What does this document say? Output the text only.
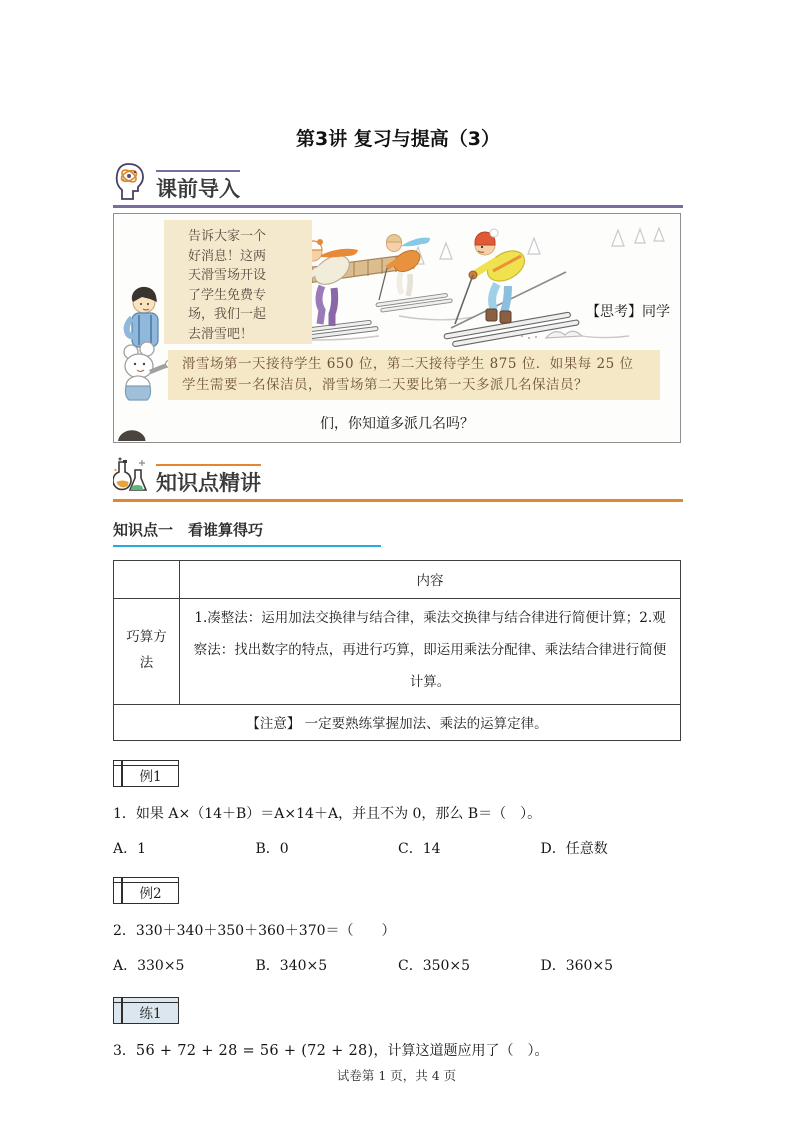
第3讲 复习与提高（3）
课前导入
告诉大家一个好消息！这两天滑雪场开设了学生免费专场，我们一起去滑雪吧！
滑雪场第一天接待学生 650 位，第二天接待学生 875 位．如果每 25 位
学生需要一名保洁员，滑雪场第二天要比第一天多派几名保洁员？
【思考】同学
们，你知道多派几名吗？
知识点精讲
知识点一　看谁算得巧
	内容
巧算方法	1.凑整法：运用加法交换律与结合律，乘法交换律与结合律进行简便计算；2.观察法：找出数字的特点，再进行巧算，即运用乘法分配律、乘法结合律进行简便计算。
【注意】 一定要熟练掌握加法、乘法的运算定律。	
例1
1．如果 A×（14＋B）＝A×14＋A，并且不为 0，那么 B＝（　）。
A．1	B．0	C．14	D．任意数
例2
2．330＋340＋350＋360＋370＝（　　）
A．330×5	B．340×5	C．350×5	D．360×5
练1
3．56 + 72 + 28 = 56 + (72 + 28)，计算这道题应用了（　）。
试卷第 1 页，共 4 页
